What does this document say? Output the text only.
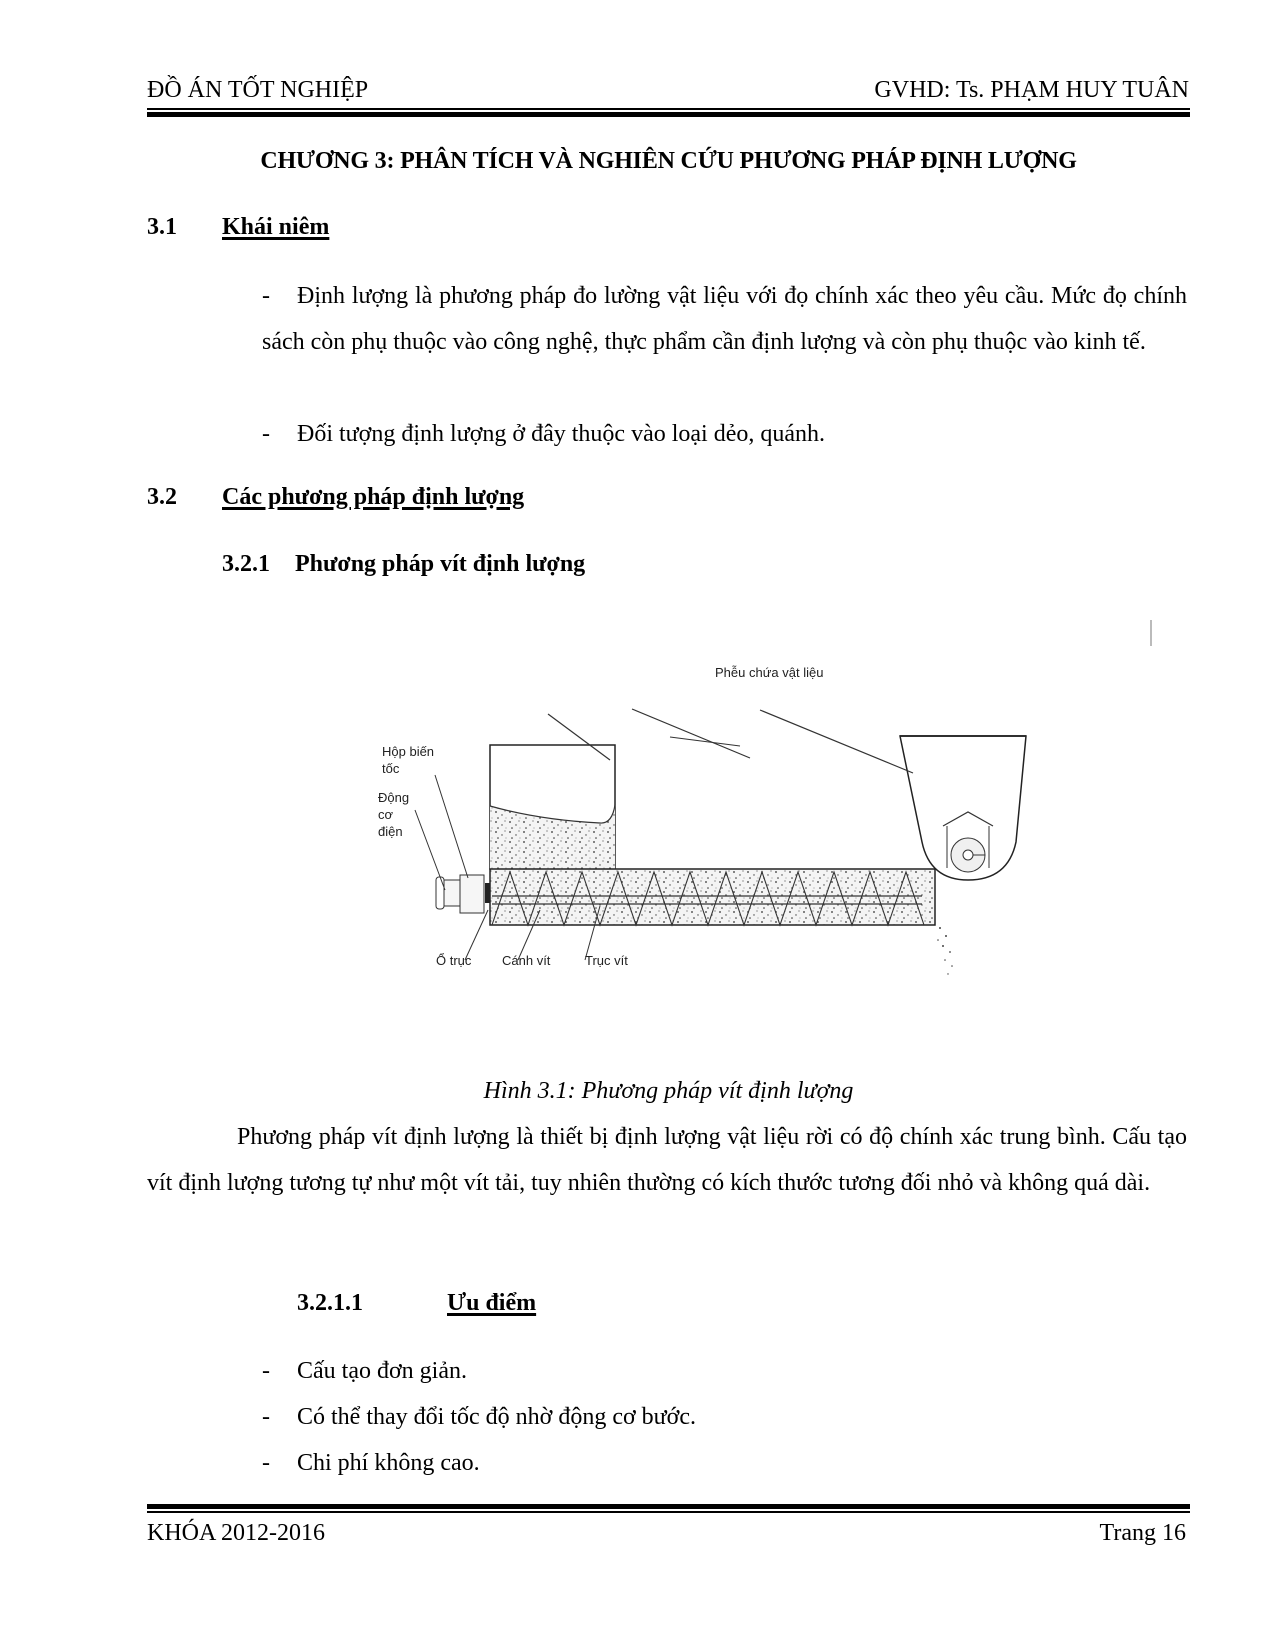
ĐỒ ÁN TỐT NGHIỆP	GVHD: Ts. PHẠM HUY TUÂN
CHƯƠNG 3: PHÂN TÍCH VÀ NGHIÊN CỨU PHƯƠNG PHÁP ĐỊNH LƯỢNG
3.1 Khái niêm
-	Định lượng là phương pháp đo lường vật liệu với đọ chính xác theo yêu cầu. Mức đọ chính sách còn phụ thuộc vào công nghệ, thực phẩm cần định lượng và còn phụ thuộc vào kinh tế.
-	Đối tượng định lượng ở đây thuộc vào loại dẻo, quánh.
3.2 Các phương pháp định lượng
3.2.1 Phương pháp vít định lượng
Phễu chứa vật liệu
Hộp biến
tốc
Động
cơ
điện
Ổ trục Cánh vít	Trục vít
Hình 3.1: Phương pháp vít định lượng
Phương pháp vít định lượng là thiết bị định lượng vật liệu rời có độ chính xác trung bình. Cấu tạo vít định lượng tương tự như một vít tải, tuy nhiên thường có kích thước tương đối nhỏ và không quá dài.
3.2.1.1	Ưu điểm
-	Cấu tạo đơn giản.
-	Có thể thay đổi tốc độ nhờ động cơ bước.
-	Chi phí không cao.
KHÓA 2012-2016	Trang 16
